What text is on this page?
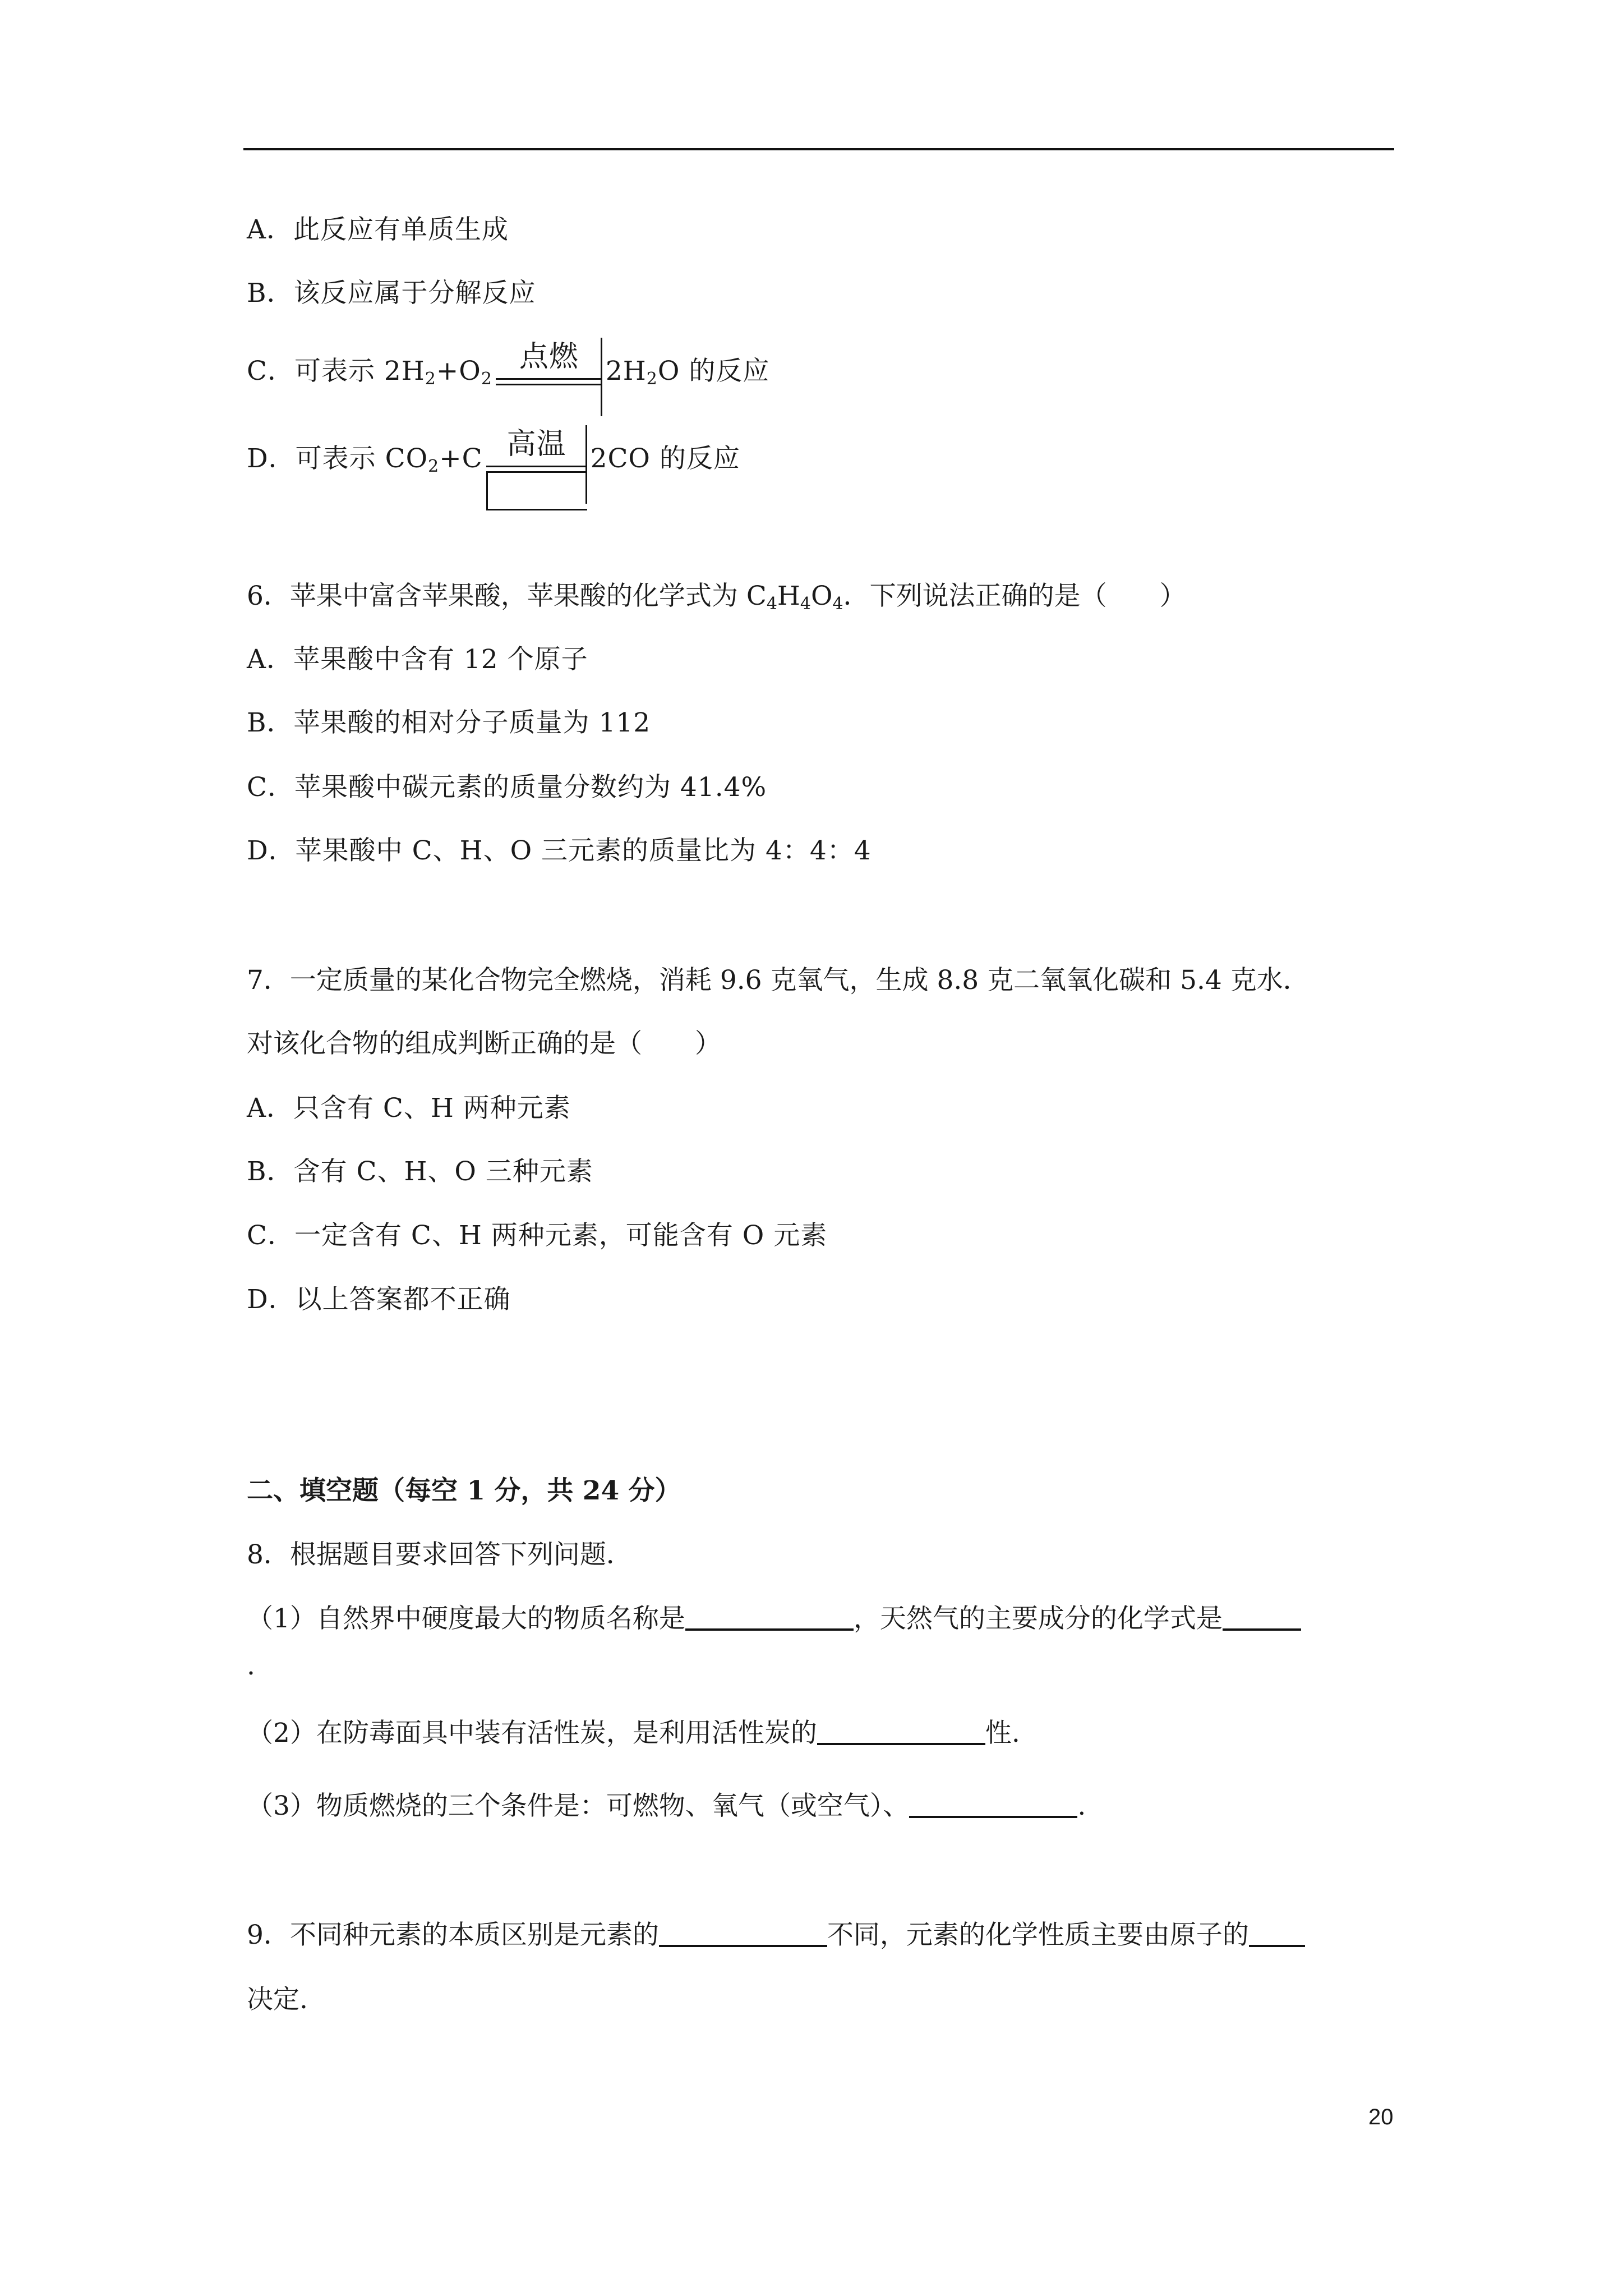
A．此反应有单质生成
B．该反应属于分解反应
C．可表示 $2H_2+O_2$
点燃	$2H_2O$ 的反应
D．可表示 $CO_2+C$ 高温 2CO 的反应
6．苹果中富含苹果酸，苹果酸的化学式为 $C_4H_4O_4$．下列说法正确的是（　　）
A．苹果酸中含有 12 个原子
B．苹果酸的相对分子质量为 112
C．苹果酸中碳元素的质量分数约为 41.4%
D．苹果酸中 C、H、O 三元素的质量比为 4：4：4
7．一定质量的某化合物完全燃烧，消耗 9.6 克氧气，生成 8.8 克二氧氧化碳和 5.4 克水．
对该化合物的组成判断正确的是（　　）
A．只含有 C、H 两种元素
B．含有 C、H、O 三种元素
C．一定含有 C、H 两种元素，可能含有 O 元素
D．以上答案都不正确
二、填空题（每空 1 分，共 24 分）
8．根据题目要求回答下列问题．
（1）自然界中硬度最大的物质名称是	，天然气的主要成分的化学式是
.
（2）在防毒面具中装有活性炭，是利用活性炭的	性.
（3）物质燃烧的三个条件是：可燃物、氧气（或空气）、	.
9．不同种元素的本质区别是元素的	不同，元素的化学性质主要由原子的
决定.
20
